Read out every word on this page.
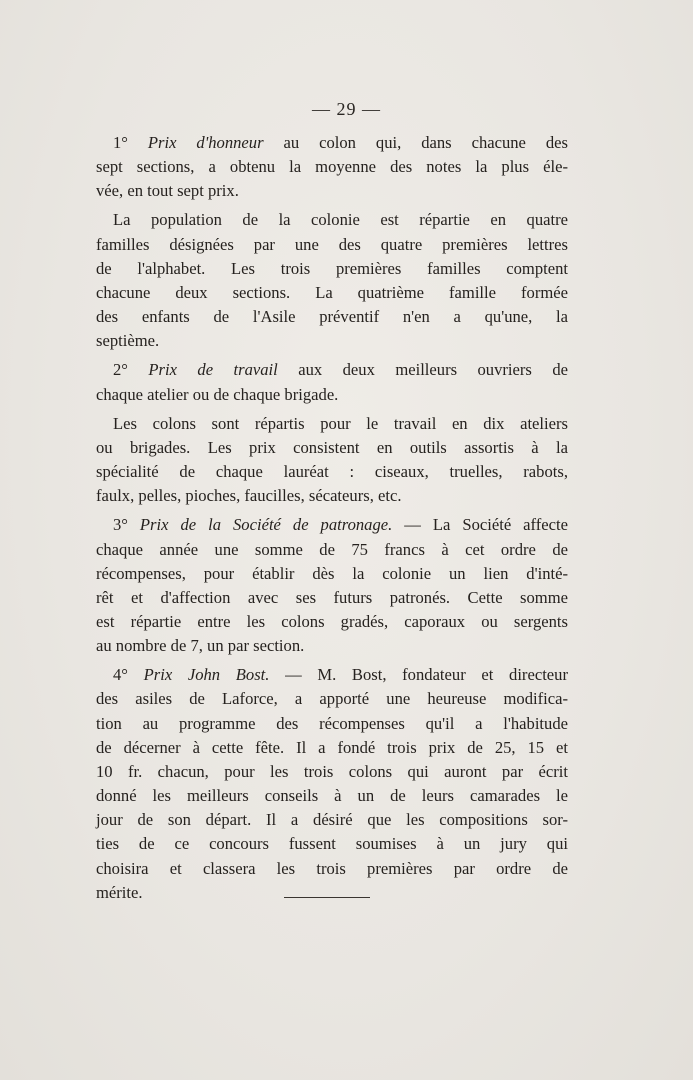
— 29 —
1° Prix d'honneur au colon qui, dans chacune des
sept sections, a obtenu la moyenne des notes la plus éle-
vée, en tout sept prix.
La population de la colonie est répartie en quatre
familles désignées par une des quatre premières lettres
de l'alphabet. Les trois premières familles comptent
chacune deux sections. La quatrième famille formée
des enfants de l'Asile préventif n'en a qu'une, la
septième.
2° Prix de travail aux deux meilleurs ouvriers de
chaque atelier ou de chaque brigade.
Les colons sont répartis pour le travail en dix ateliers
ou brigades. Les prix consistent en outils assortis à la
spécialité de chaque lauréat : ciseaux, truelles, rabots,
faulx, pelles, pioches, faucilles, sécateurs, etc.
3° Prix de la Société de patronage. — La Société affecte
chaque année une somme de 75 francs à cet ordre de
récompenses, pour établir dès la colonie un lien d'inté-
rêt et d'affection avec ses futurs patronés. Cette somme
est répartie entre les colons gradés, caporaux ou sergents
au nombre de 7, un par section.
4° Prix John Bost. — M. Bost, fondateur et directeur
des asiles de Laforce, a apporté une heureuse modifica-
tion au programme des récompenses qu'il a l'habitude
de décerner à cette fête. Il a fondé trois prix de 25, 15 et
10 fr. chacun, pour les trois colons qui auront par écrit
donné les meilleurs conseils à un de leurs camarades le
jour de son départ. Il a désiré que les compositions sor-
ties de ce concours fussent soumises à un jury qui
choisira et classera les trois premières par ordre de
mérite.
